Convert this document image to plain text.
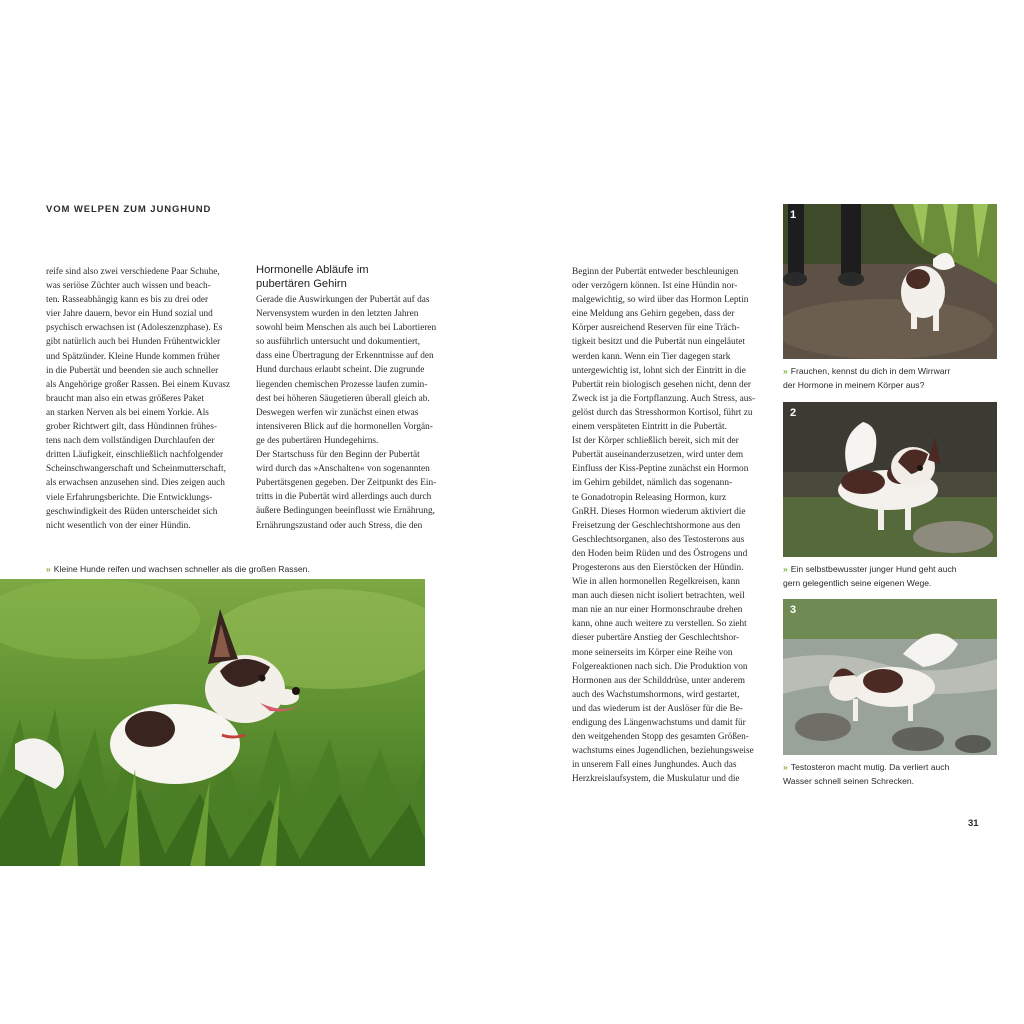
VOM WELPEN ZUM JUNGHUND
reife sind also zwei verschiedene Paar Schuhe,
was seriöse Züchter auch wissen und beach-
ten. Rasseabhängig kann es bis zu drei oder
vier Jahre dauern, bevor ein Hund sozial und
psychisch erwachsen ist (Adoleszenzphase). Es
gibt natürlich auch bei Hunden Frühentwickler
und Spätzünder. Kleine Hunde kommen früher
in die Pubertät und beenden sie auch schneller
als Angehörige großer Rassen. Bei einem Kuvasz
braucht man also ein etwas größeres Paket
an starken Nerven als bei einem Yorkie. Als
grober Richtwert gilt, dass Hündinnen frühes-
tens nach dem vollständigen Durchlaufen der
dritten Läufigkeit, einschließlich nachfolgender
Scheinschwangerschaft und Scheinmutterschaft,
als erwachsen anzusehen sind. Dies zeigen auch
viele Erfahrungsberichte. Die Entwicklungs-
geschwindigkeit des Rüden unterscheidet sich
nicht wesentlich von der einer Hündin.
Hormonelle Abläufe im
pubertären Gehirn
Gerade die Auswirkungen der Pubertät auf das
Nervensystem wurden in den letzten Jahren
sowohl beim Menschen als auch bei Labortieren
so ausführlich untersucht und dokumentiert,
dass eine Übertragung der Erkenntnisse auf den
Hund durchaus erlaubt scheint. Die zugrunde
liegenden chemischen Prozesse laufen zumin-
dest bei höheren Säugetieren überall gleich ab.
Deswegen werfen wir zunächst einen etwas
intensiveren Blick auf die hormonellen Vorgän-
ge des pubertären Hundegehirns.
Der Startschuss für den Beginn der Pubertät
wird durch das »Anschalten« von sogenannten
Pubertätsgenen gegeben. Der Zeitpunkt des Ein-
tritts in die Pubertät wird allerdings auch durch
äußere Bedingungen beeinflusst wie Ernährung,
Ernährungszustand oder auch Stress, die den
Beginn der Pubertät entweder beschleunigen
oder verzögern können. Ist eine Hündin nor-
malgewichtig, so wird über das Hormon Leptin
eine Meldung ans Gehirn gegeben, dass der
Körper ausreichend Reserven für eine Träch-
tigkeit besitzt und die Pubertät nun eingeläutet
werden kann. Wenn ein Tier dagegen stark
untergewichtig ist, lohnt sich der Eintritt in die
Pubertät rein biologisch gesehen nicht, denn der
Zweck ist ja die Fortpflanzung. Auch Stress, aus-
gelöst durch das Stresshormon Kortisol, führt zu
einem verspäteten Eintritt in die Pubertät.
Ist der Körper schließlich bereit, sich mit der
Pubertät auseinanderzusetzen, wird unter dem
Einfluss der Kiss-Peptine zunächst ein Hormon
im Gehirn gebildet, nämlich das sogenann-
te Gonadotropin Releasing Hormon, kurz
GnRH. Dieses Hormon wiederum aktiviert die
Freisetzung der Geschlechtshormone aus den
Geschlechtsorganen, also des Testosterons aus
den Hoden beim Rüden und des Östrogens und
Progesterons aus den Eierstöcken der Hündin.
Wie in allen hormonellen Regelkreisen, kann
man auch diesen nicht isoliert betrachten, weil
man nie an nur einer Hormonschraube drehen
kann, ohne auch weitere zu verstellen. So zieht
dieser pubertäre Anstieg der Geschlechtshor-
mone seinerseits im Körper eine Reihe von
Folgereaktionen nach sich. Die Produktion von
Hormonen aus der Schilddrüse, unter anderem
auch des Wachstumshormons, wird gestartet,
und das wiederum ist der Auslöser für die Be-
endigung des Längenwachstums und damit für
den weitgehenden Stopp des gesamten Größen-
wachstums eines Jugendlichen, beziehungsweise
in unserem Fall eines Junghundes. Auch das
Herzkreislaufsystem, die Muskulatur und die
» Kleine Hunde reifen und wachsen schneller als die großen Rassen.
1
» Frauchen, kennst du dich in dem Wirrwarr
der Hormone in meinem Körper aus?
2
» Ein selbstbewusster junger Hund geht auch
gern gelegentlich seine eigenen Wege.
3
» Testosteron macht mutig. Da verliert auch
Wasser schnell seinen Schrecken.
31
